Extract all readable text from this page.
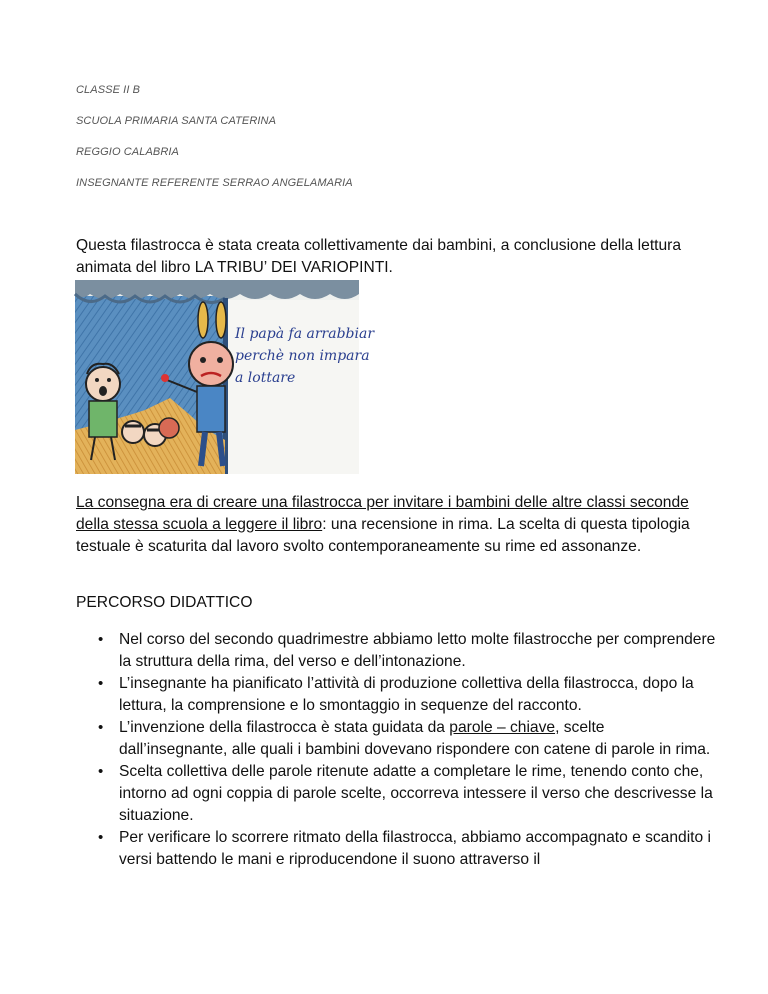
CLASSE II B
SCUOLA PRIMARIA SANTA CATERINA
REGGIO CALABRIA
INSEGNANTE REFERENTE SERRAO ANGELAMARIA
Questa filastrocca è stata creata collettivamente dai bambini, a conclusione della lettura animata del libro LA TRIBU’ DEI VARIOPINTI.
Il papà fa arrabbiar
perchè non impara
a lottare
La consegna era di creare una filastrocca per invitare i bambini delle altre classi seconde della stessa scuola a leggere il libro: una recensione in rima. La scelta di questa tipologia testuale è scaturita dal lavoro svolto contemporaneamente su rime ed assonanze.
PERCORSO DIDATTICO
• Nel corso del secondo quadrimestre abbiamo letto molte filastrocche per comprendere la struttura della rima, del verso e dell’intonazione.
• L’insegnante ha pianificato l’attività di produzione collettiva della filastrocca, dopo la lettura, la comprensione e lo smontaggio in sequenze del racconto.
• L’invenzione della filastrocca è stata guidata da parole – chiave, scelte dall’insegnante, alle quali i bambini dovevano rispondere con catene di parole in rima.
• Scelta collettiva delle parole ritenute adatte a completare le rime, tenendo conto che, intorno ad ogni coppia di parole scelte, occorreva intessere il verso che descrivesse la situazione.
• Per verificare lo scorrere ritmato della filastrocca, abbiamo accompagnato e scandito i versi battendo le mani e riproducendone il suono attraverso il
